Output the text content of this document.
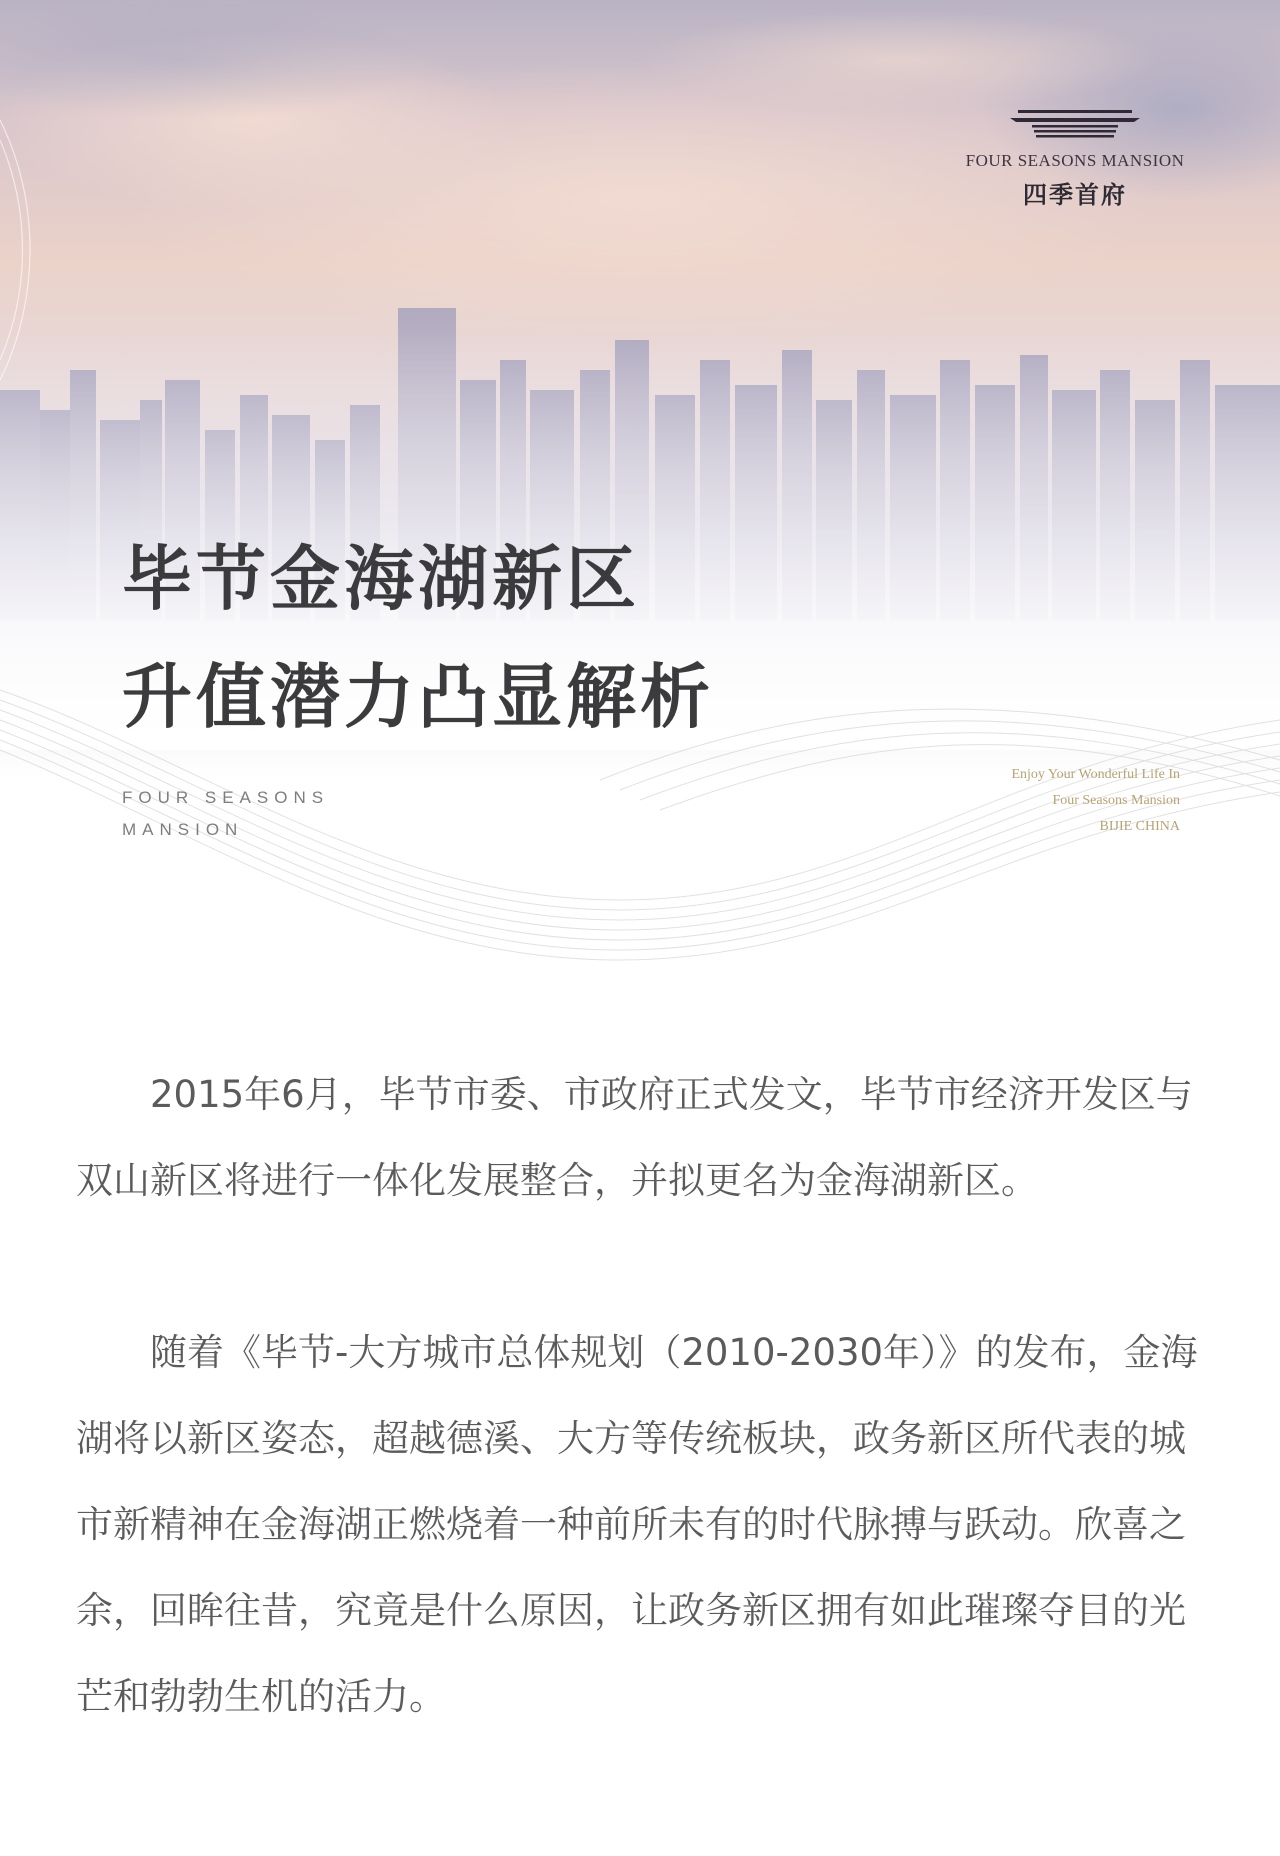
FOUR SEASONS MANSION
四季首府
毕节金海湖新区
升值潜力凸显解析
FOUR SEASONS
MANSION
Enjoy Your Wonderful Life In
Four Seasons Mansion
BIJIE CHINA

2015年6月，毕节市委、市政府正式发文，毕节市经济开发区与双山新区将进行一体化发展整合，并拟更名为金海湖新区。

随着《毕节-大方城市总体规划（2010-2030年）》的发布，金海湖将以新区姿态，超越德溪、大方等传统板块，政务新区所代表的城市新精神在金海湖正燃烧着一种前所未有的时代脉搏与跃动。欣喜之余，回眸往昔，究竟是什么原因，让政务新区拥有如此璀璨夺目的光芒和勃勃生机的活力。
